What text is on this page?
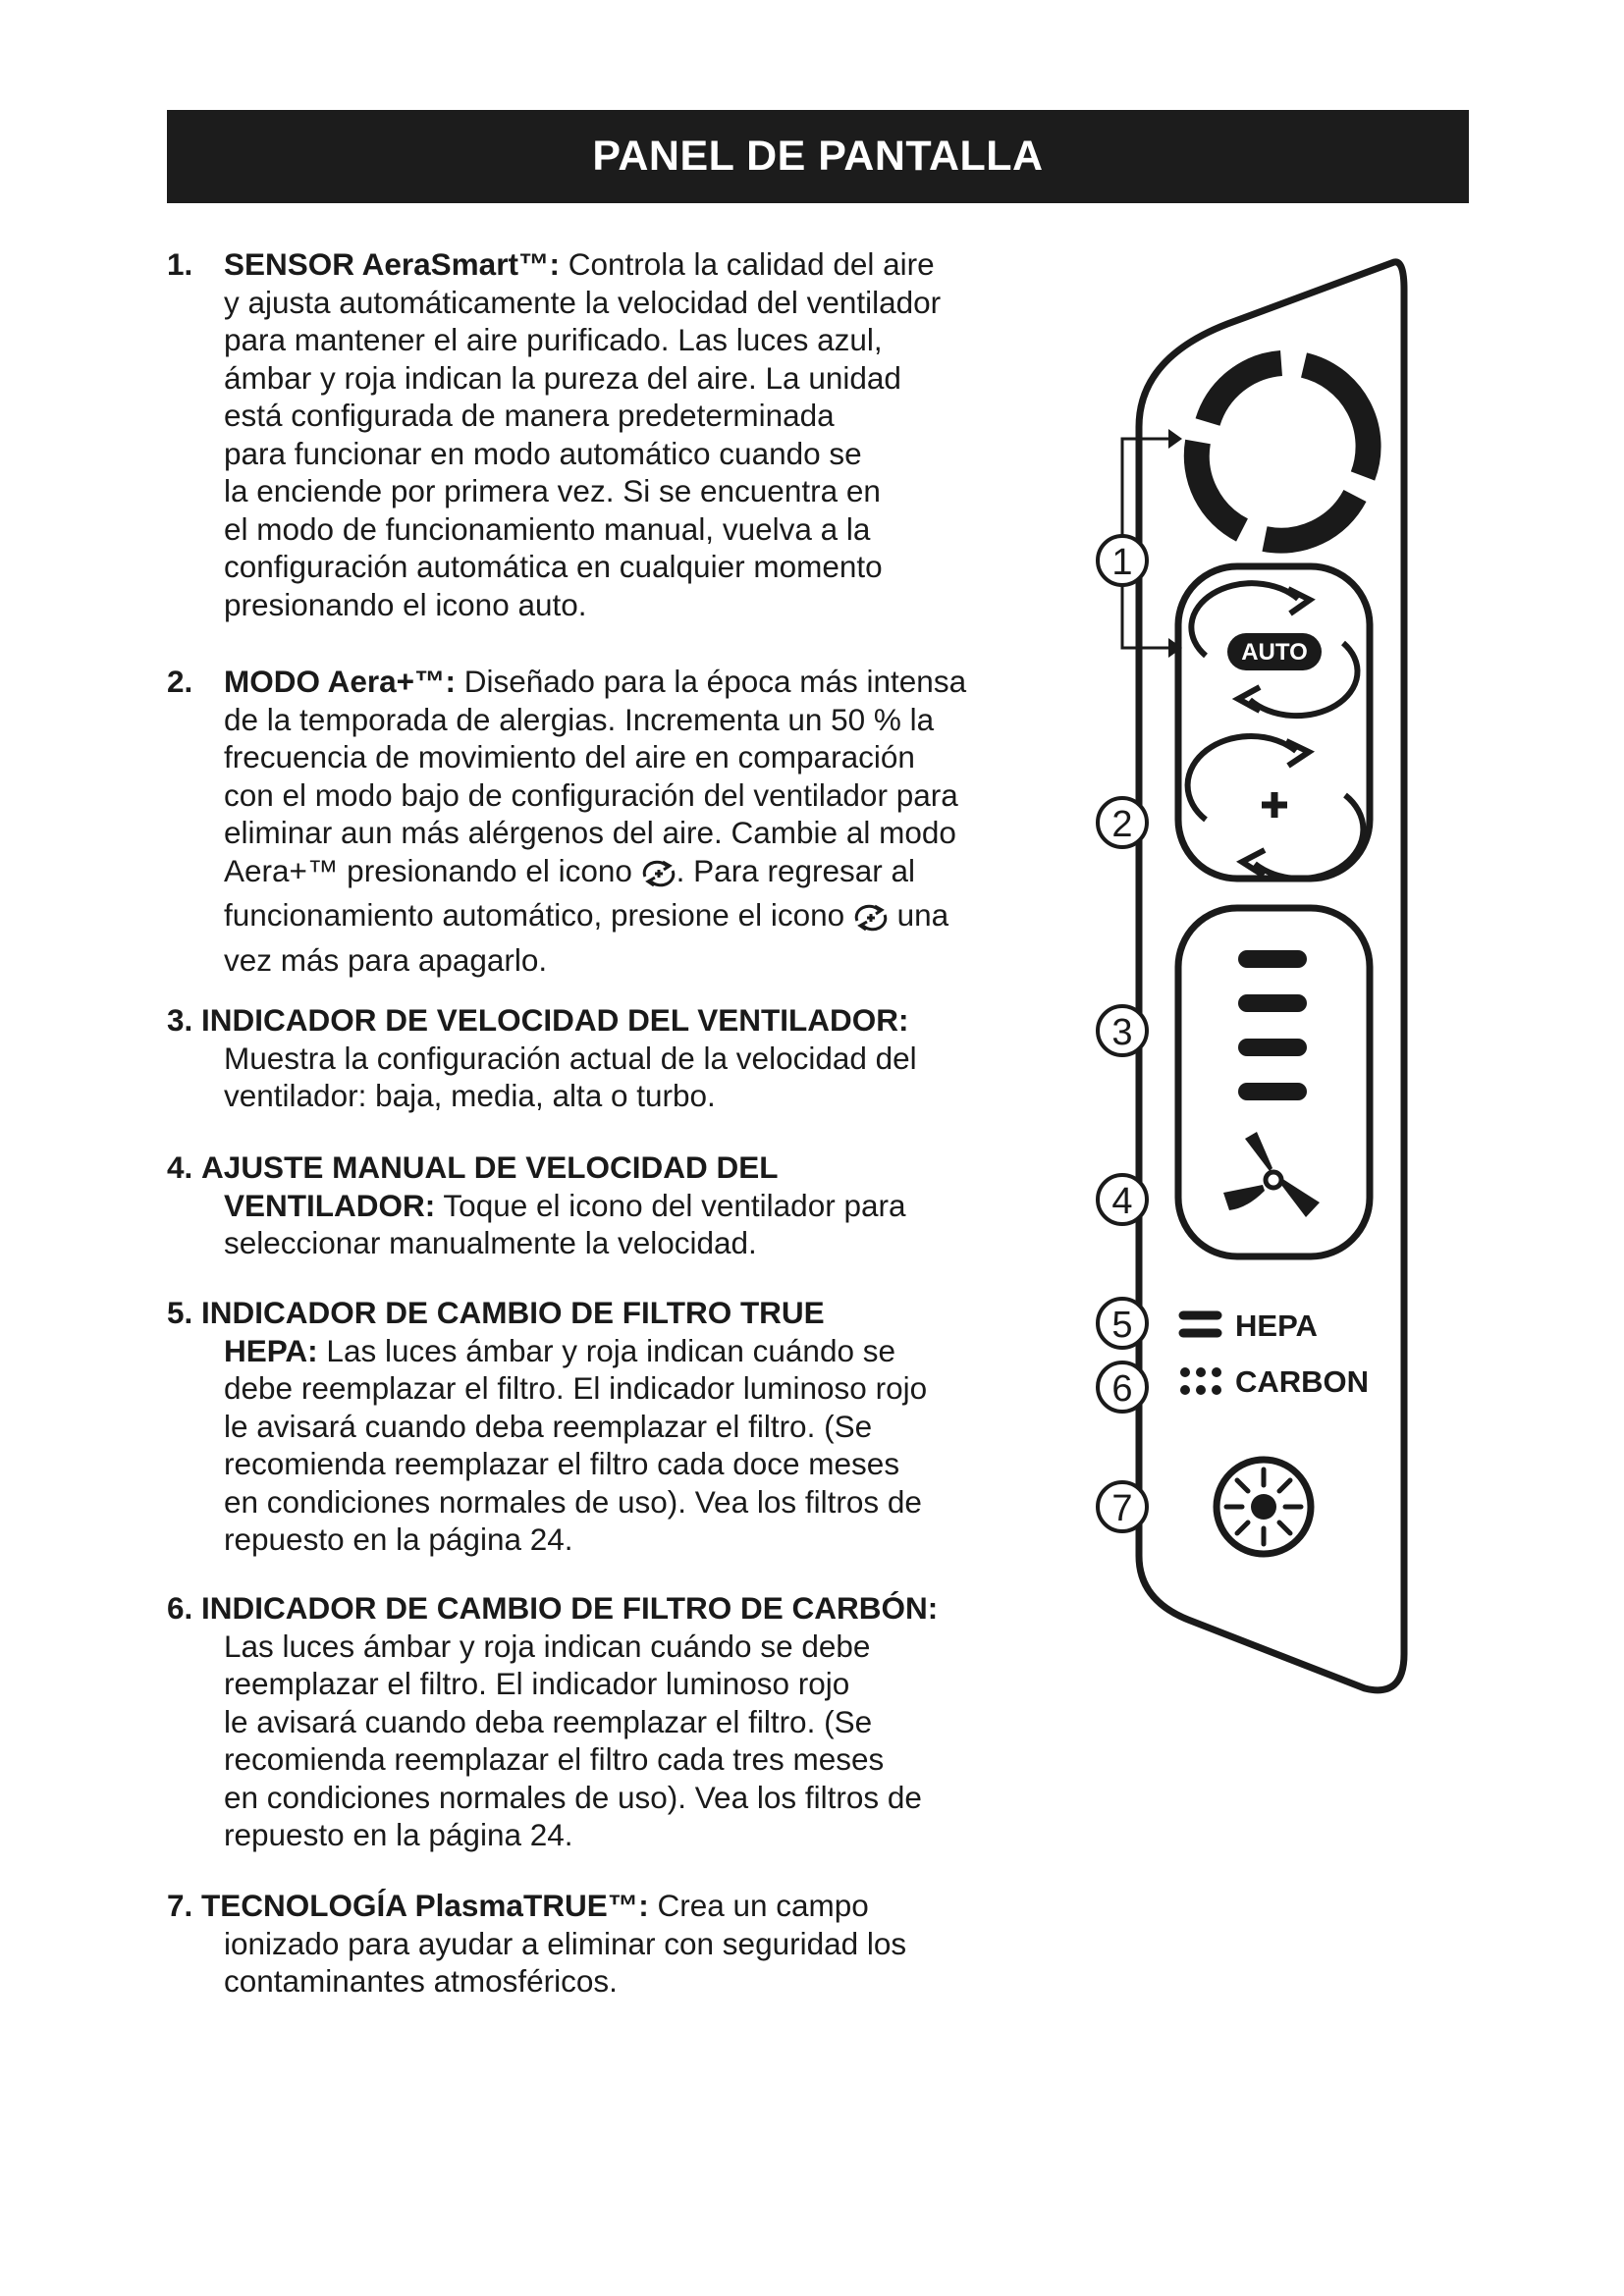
PANEL DE PANTALLA
1. SENSOR AeraSmart™: Controla la calidad del aire

y ajusta automáticamente la velocidad del ventilador

para mantener el aire purificado. Las luces azul,

ámbar y roja indican la pureza del aire. La unidad

está configurada de manera predeterminada

para funcionar en modo automático cuando se

la enciende por primera vez. Si se encuentra en

el modo de funcionamiento manual, vuelva a la

configuración automática en cualquier momento

presionando el icono auto.

2. MODO Aera+™: Diseñado para la época más intensa

de la temporada de alergias. Incrementa un 50 % la

frecuencia de movimiento del aire en comparación

con el modo bajo de configuración del ventilador para

eliminar aun más alérgenos del aire. Cambie al modo

Aera+™ presionando el icono . Para regresar al

funcionamiento automático, presione el icono  una

vez más para apagarlo.

3. INDICADOR DE VELOCIDAD DEL VENTILADOR:

Muestra la configuración actual de la velocidad del

ventilador: baja, media, alta o turbo.

4. AJUSTE MANUAL DE VELOCIDAD DEL

VENTILADOR: Toque el icono del ventilador para

seleccionar manualmente la velocidad.

5. INDICADOR DE CAMBIO DE FILTRO TRUE

HEPA: Las luces ámbar y roja indican cuándo se

debe reemplazar el filtro. El indicador luminoso rojo

le avisará cuando deba reemplazar el filtro. (Se

recomienda reemplazar el filtro cada doce meses

en condiciones normales de uso). Vea los filtros de

repuesto en la página 24.

6. INDICADOR DE CAMBIO DE FILTRO DE CARBÓN:

Las luces ámbar y roja indican cuándo se debe

reemplazar el filtro. El indicador luminoso rojo

le avisará cuando deba reemplazar el filtro. (Se

recomienda reemplazar el filtro cada tres meses

en condiciones normales de uso). Vea los filtros de

repuesto en la página 24.

7. TECNOLOGÍA PlasmaTRUE™: Crea un campo

ionizado para ayudar a eliminar con seguridad los

contaminantes atmosféricos.

AUTO
HEPA
CARBON
1
2
3
4
5
6
7
